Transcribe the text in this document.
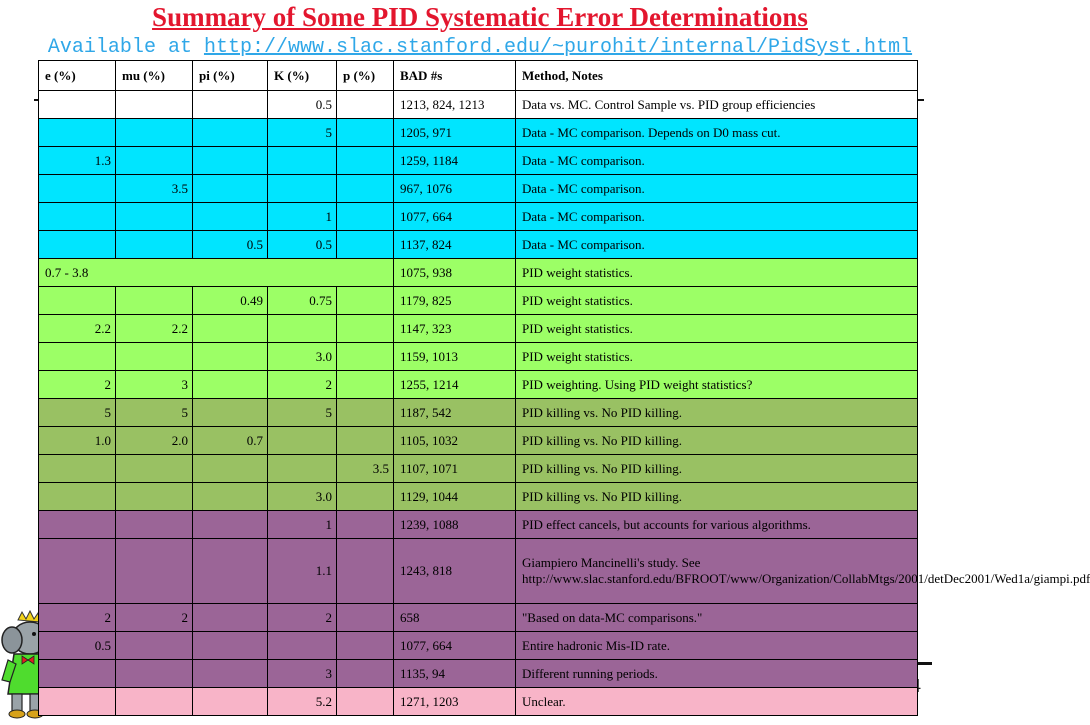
Summary of Some PID Systematic Error Determinations
Available at http://www.slac.stanford.edu/~purohit/internal/PidSyst.html
4
e (%)	mu (%)	pi (%)	K (%)	p (%)	BAD #s	Method, Notes
			0.5		1213, 824, 1213	Data vs. MC. Control Sample vs. PID group efficiencies
			5		1205, 971	Data - MC comparison. Depends on D0 mass cut.
1.3					1259, 1184	Data - MC comparison.
	3.5				967, 1076	Data - MC comparison.
			1		1077, 664	Data - MC comparison.
		0.5	0.5		1137, 824	Data - MC comparison.
0.7 - 3.8					1075, 938	PID weight statistics.
		0.49	0.75		1179, 825	PID weight statistics.
2.2	2.2				1147, 323	PID weight statistics.
			3.0		1159, 1013	PID weight statistics.
2	3		2		1255, 1214	PID weighting. Using PID weight statistics?
5	5		5		1187, 542	PID killing vs. No PID killing.
1.0	2.0	0.7			1105, 1032	PID killing vs. No PID killing.
				3.5	1107, 1071	PID killing vs. No PID killing.
			3.0		1129, 1044	PID killing vs. No PID killing.
			1		1239, 1088	PID effect cancels, but accounts for various algorithms.
			1.1		1243, 818	Giampiero Mancinelli's study. See http://www.slac.stanford.edu/BFROOT/www/Organization/CollabMtgs/2001/detDec2001/Wed1a/giampi.pdf
2	2		2		658	"Based on data-MC comparisons."
0.5					1077, 664	Entire hadronic Mis-ID rate.
			3		1135, 94	Different running periods.
			5.2		1271, 1203	Unclear.
